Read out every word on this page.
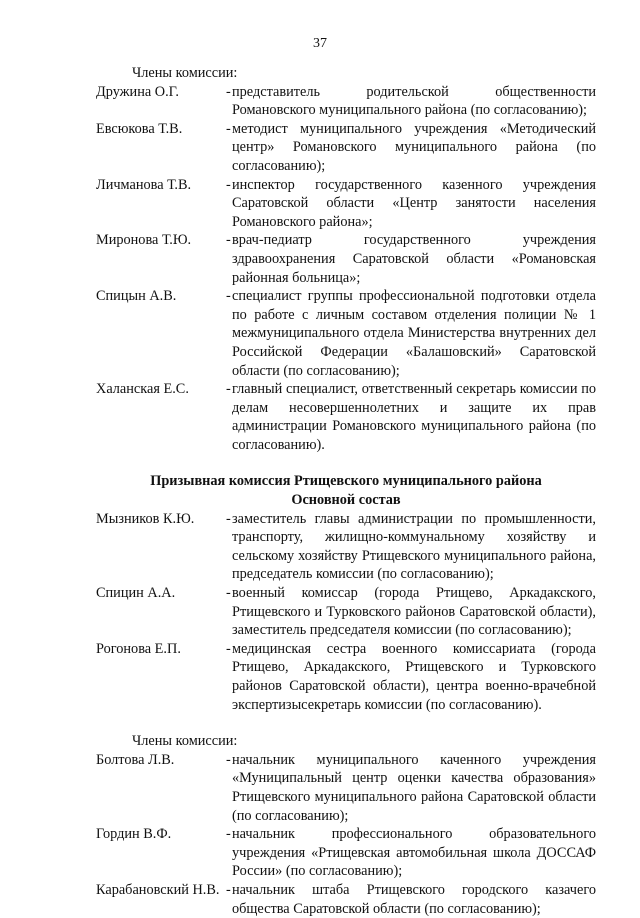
37
Члены комиссии:
Дружина О.Г.	- представитель родительской общественности Романовского муниципального района (по согласованию);
Евсюкова Т.В.	- методист муниципального учреждения «Методический центр» Романовского муниципального района (по согласованию);
Личманова Т.В.	- инспектор государственного казенного учреждения Саратовской области «Центр занятости населения Романовского района»;
Миронова Т.Ю.	- врач-педиатр государственного учреждения здравоохранения Саратовской области «Романовская районная больница»;
Спицын А.В.	- специалист группы профессиональной подготовки отдела по работе с личным составом отделения полиции № 1 межмуниципального отдела Министерства внутренних дел Российской Федерации «Балашовский» Саратовской области (по согласованию);
Халанская Е.С.	- главный специалист, ответственный секретарь комиссии по делам несовершеннолетних и защите их прав администрации Романовского муниципального района (по согласованию).
Призывная комиссия Ртищевского муниципального района
Основной состав
Мызников К.Ю.	- заместитель главы администрации по промышленности, транспорту, жилищно-коммунальному хозяйству и сельскому хозяйству Ртищевского муниципального района, председатель комиссии (по согласованию);
Спицин А.А.	- военный комиссар (города Ртищево, Аркадакского, Ртищевского и Турковского районов Саратовской области), заместитель председателя комиссии (по согласованию);
Рогонова Е.П.	- медицинская сестра военного комиссариата (города Ртищево, Аркадакского, Ртищевского и Турковского районов Саратовской области), центра военно-врачебной экспертизысекретарь комиссии (по согласованию).
Члены комиссии:
Болтова Л.В.	- начальник муниципального каченного учреждения «Муниципальный центр оценки качества образования» Ртищевского муниципального района Саратовской области (по согласованию);
Гордин В.Ф.	- начальник профессионального образовательного учреждения «Ртищевская автомобильная школа ДОССАФ России» (по согласованию);
Карабановский Н.В. - начальник штаба Ртищевского городского казачего общества Саратовской области (по согласованию);
